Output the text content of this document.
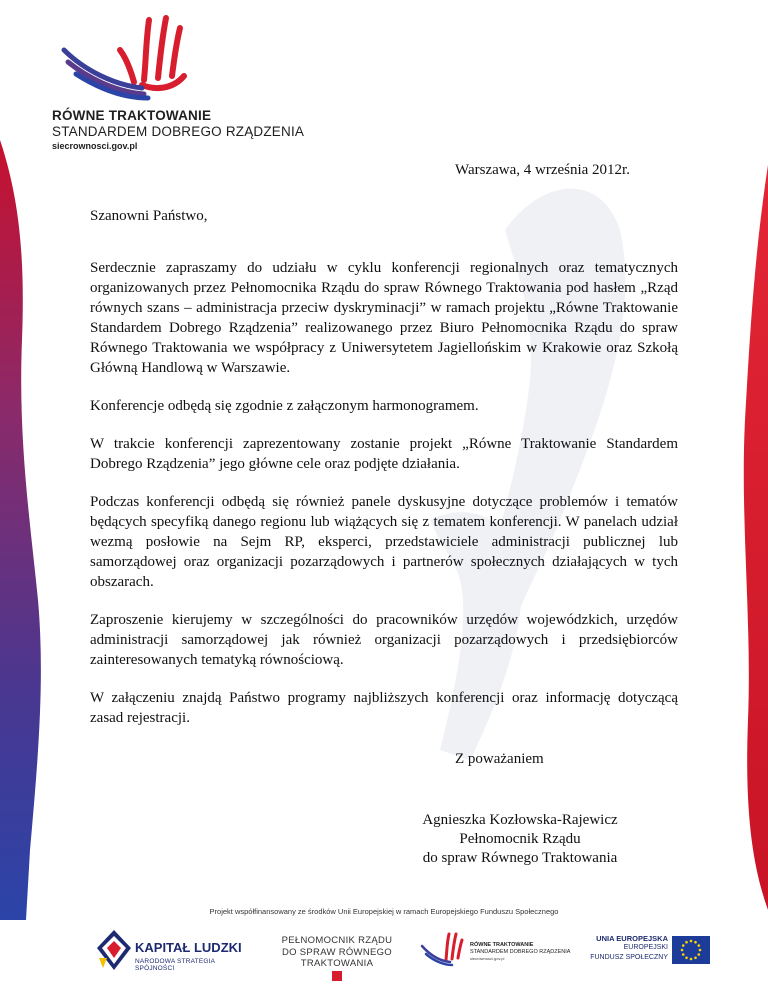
RÓWNE TRAKTOWANIE
STANDARDEM DOBREGO RZĄDZENIA
siecrownosci.gov.pl
Warszawa, 4 września 2012r.
Szanowni Państwo,

Serdecznie zapraszamy do udziału w cyklu konferencji regionalnych oraz tematycznych organizowanych przez Pełnomocnika Rządu do spraw Równego Traktowania pod hasłem „Rząd równych szans – administracja przeciw dyskryminacji” w ramach projektu „Równe Traktowanie Standardem Dobrego Rządzenia” realizowanego przez Biuro Pełnomocnika Rządu do spraw Równego Traktowania we współpracy z Uniwersytetem Jagiellońskim w Krakowie oraz Szkołą Główną Handlową w Warszawie.

Konferencje odbędą się zgodnie z załączonym harmonogramem.

W trakcie konferencji zaprezentowany zostanie projekt „Równe Traktowanie Standardem Dobrego Rządzenia” jego główne cele oraz podjęte działania.

Podczas konferencji odbędą się również panele dyskusyjne dotyczące problemów i tematów będących specyfiką danego regionu lub wiążących się z tematem konferencji. W panelach udział wezmą posłowie na Sejm RP, eksperci, przedstawiciele administracji publicznej lub samorządowej oraz organizacji pozarządowych i partnerów społecznych działających w tych obszarach.

Zaproszenie kierujemy w szczególności do pracowników urzędów wojewódzkich, urzędów administracji samorządowej jak również organizacji pozarządowych i przedsiębiorców zainteresowanych tematyką równościową.

W załączeniu znajdą Państwo programy najbliższych konferencji oraz informację dotyczącą zasad rejestracji.

Z poważaniem
Agnieszka Kozłowska-Rajewicz
Pełnomocnik Rządu
do spraw Równego Traktowania
Projekt współfinansowany ze środków Unii Europejskiej w ramach Europejskiego Funduszu Społecznego
KAPITAŁ LUDZKI
NARODOWA STRATEGIA SPÓJNOŚCI
PEŁNOMOCNIK RZĄDU
DO SPRAW RÓWNEGO TRAKTOWANIA
RÓWNE TRAKTOWANIE
STANDARDEM DOBREGO RZĄDZENIA
siecrownosci.gov.pl
UNIA EUROPEJSKA
EUROPEJSKI
FUNDUSZ SPOŁECZNY
